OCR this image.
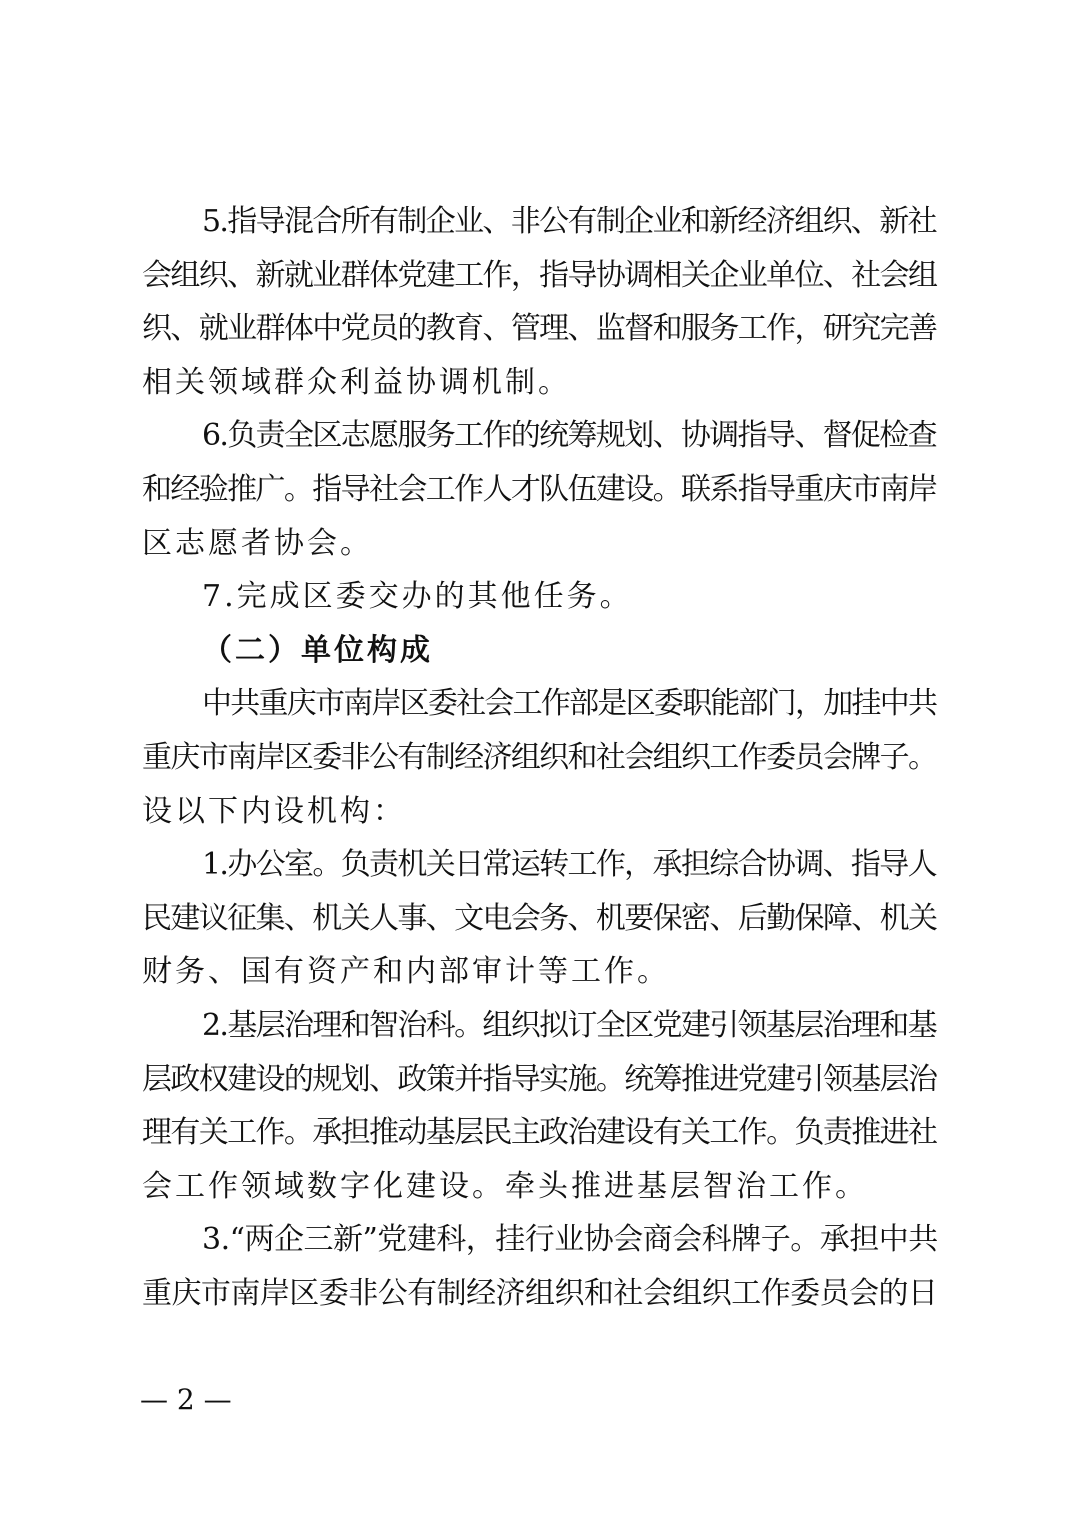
5.指导混合所有制企业、非公有制企业和新经济组织、新社
会组织、新就业群体党建工作，指导协调相关企业单位、社会组
织、就业群体中党员的教育、管理、监督和服务工作，研究完善
相关领域群众利益协调机制。
6.负责全区志愿服务工作的统筹规划、协调指导、督促检查
和经验推广。指导社会工作人才队伍建设。联系指导重庆市南岸
区志愿者协会。
7.完成区委交办的其他任务。
（二）单位构成
中共重庆市南岸区委社会工作部是区委职能部门，加挂中共
重庆市南岸区委非公有制经济组织和社会组织工作委员会牌子。
设以下内设机构：
1.办公室。负责机关日常运转工作，承担综合协调、指导人
民建议征集、机关人事、文电会务、机要保密、后勤保障、机关
财务、国有资产和内部审计等工作。
2.基层治理和智治科。组织拟订全区党建引领基层治理和基
层政权建设的规划、政策并指导实施。统筹推进党建引领基层治
理有关工作。承担推动基层民主政治建设有关工作。负责推进社
会工作领域数字化建设。牵头推进基层智治工作。
3.“两企三新”党建科，挂行业协会商会科牌子。承担中共
重庆市南岸区委非公有制经济组织和社会组织工作委员会的日
— 2 —
